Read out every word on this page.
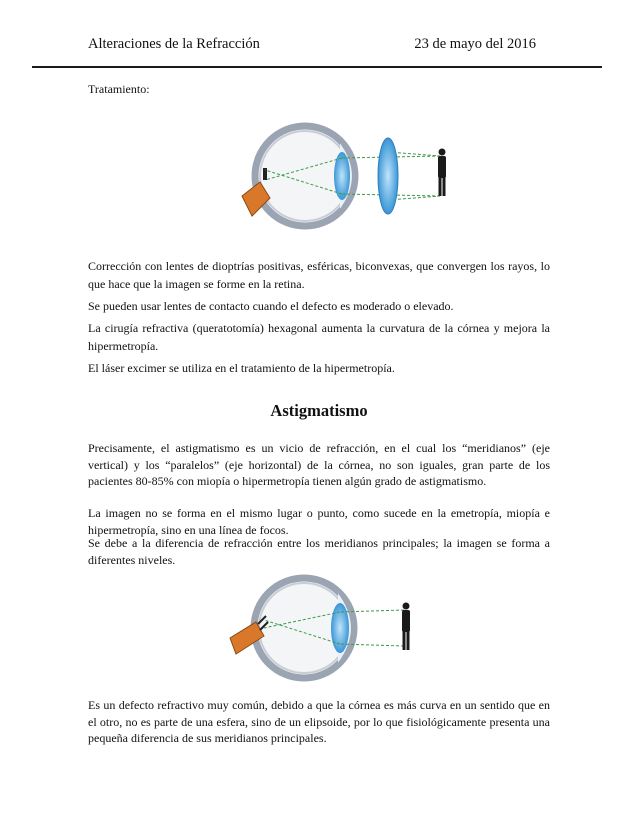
Alteraciones de la Refracción	23 de mayo del 2016

Tratamiento:

Corrección con lentes de dioptrías positivas, esféricas, biconvexas, que convergen los rayos, lo que hace que la imagen se forme en la retina.

Se pueden usar lentes de contacto cuando el defecto es moderado o elevado.

La cirugía refractiva (queratotomía) hexagonal aumenta la curvatura de la córnea y mejora la hipermetropía.

El láser excimer se utiliza en el tratamiento de la hipermetropía.

Astigmatismo

Precisamente, el astigmatismo es un vicio de refracción, en el cual los “meridianos” (eje vertical) y los “paralelos” (eje horizontal) de la córnea, no son iguales, gran parte de los pacientes 80-85% con miopía o hipermetropía tienen algún grado de astigmatismo.

La imagen no se forma en el mismo lugar o punto, como sucede en la emetropía, miopía e hipermetropía, sino en una línea de focos.

Se debe a la diferencia de refracción entre los meridianos principales; la imagen se forma a diferentes niveles.

Es un defecto refractivo muy común, debido a que la córnea es más curva en un sentido que en el otro, no es parte de una esfera, sino de un elipsoide, por lo que fisiológicamente presenta una pequeña diferencia de sus meridianos principales.
